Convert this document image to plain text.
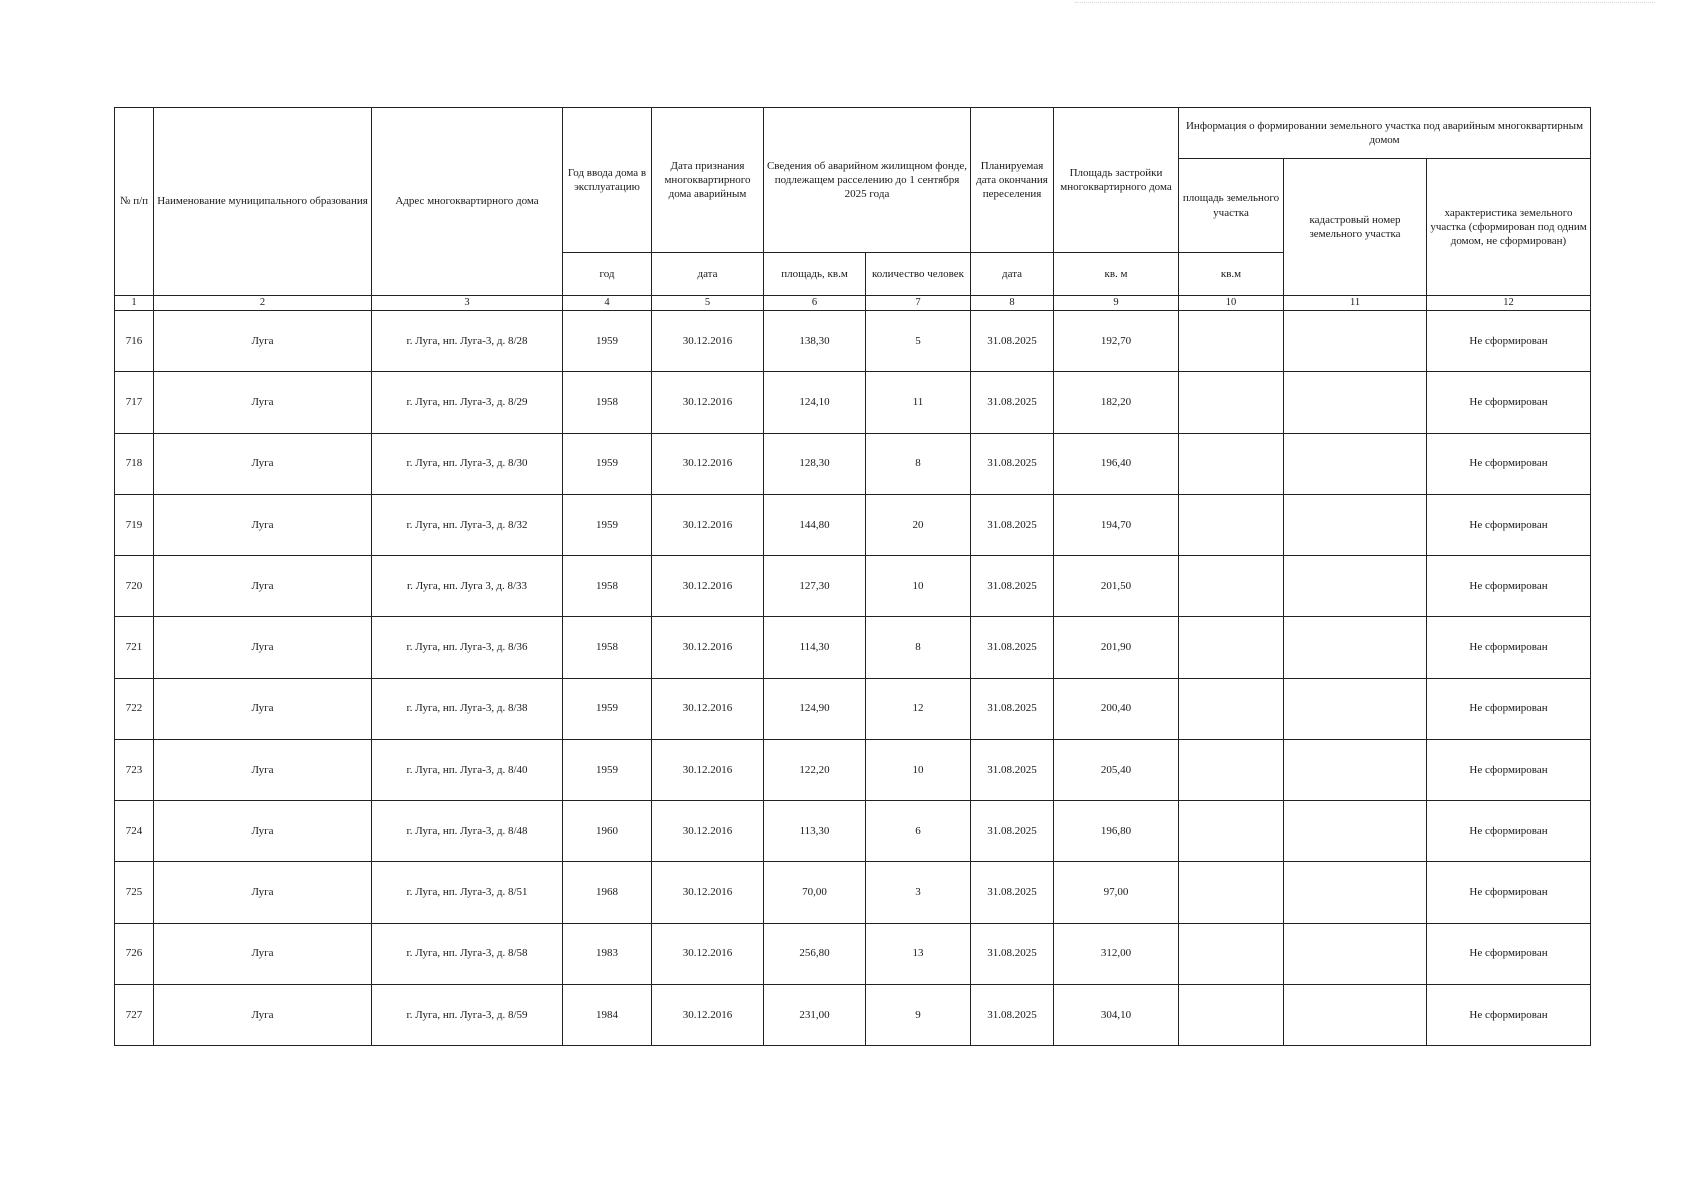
№ п/п	Наименование муниципального образования	Адрес многоквартирного дома	Год ввода дома в эксплуатацию	Дата признания многоквартирного дома аварийным	Сведения об аварийном жилищном фонде, подлежащем расселению до 1 сентября 2025 года		Планируемая дата окончания переселения	Площадь застройки многоквартирного дома	Информация о формировании земельного участка под аварийным многоквартирным домом		
									площадь земельного участка	кадастровый номер земельного участка	характеристика земельного участка (сформирован под одним домом, не сформирован)
			год	дата	площадь, кв.м	количество человек	дата	кв. м	кв.м		
1	2	3	4	5	6	7	8	9	10	11	12
716	Луга	г. Луга, нп. Луга-3, д. 8/28	1959	30.12.2016	138,30	5	31.08.2025	192,70			Не сформирован
717	Луга	г. Луга, нп. Луга-3, д. 8/29	1958	30.12.2016	124,10	11	31.08.2025	182,20			Не сформирован
718	Луга	г. Луга, нп. Луга-3, д. 8/30	1959	30.12.2016	128,30	8	31.08.2025	196,40			Не сформирован
719	Луга	г. Луга, нп. Луга-3, д. 8/32	1959	30.12.2016	144,80	20	31.08.2025	194,70			Не сформирован
720	Луга	г. Луга, нп. Луга 3, д. 8/33	1958	30.12.2016	127,30	10	31.08.2025	201,50			Не сформирован
721	Луга	г. Луга, нп. Луга-3, д. 8/36	1958	30.12.2016	114,30	8	31.08.2025	201,90			Не сформирован
722	Луга	г. Луга, нп. Луга-3, д. 8/38	1959	30.12.2016	124,90	12	31.08.2025	200,40			Не сформирован
723	Луга	г. Луга, нп. Луга-3, д. 8/40	1959	30.12.2016	122,20	10	31.08.2025	205,40			Не сформирован
724	Луга	г. Луга, нп. Луга-3, д. 8/48	1960	30.12.2016	113,30	6	31.08.2025	196,80			Не сформирован
725	Луга	г. Луга, нп. Луга-3, д. 8/51	1968	30.12.2016	70,00	3	31.08.2025	97,00			Не сформирован
726	Луга	г. Луга, нп. Луга-3, д. 8/58	1983	30.12.2016	256,80	13	31.08.2025	312,00			Не сформирован
727	Луга	г. Луга, нп. Луга-3, д. 8/59	1984	30.12.2016	231,00	9	31.08.2025	304,10			Не сформирован
